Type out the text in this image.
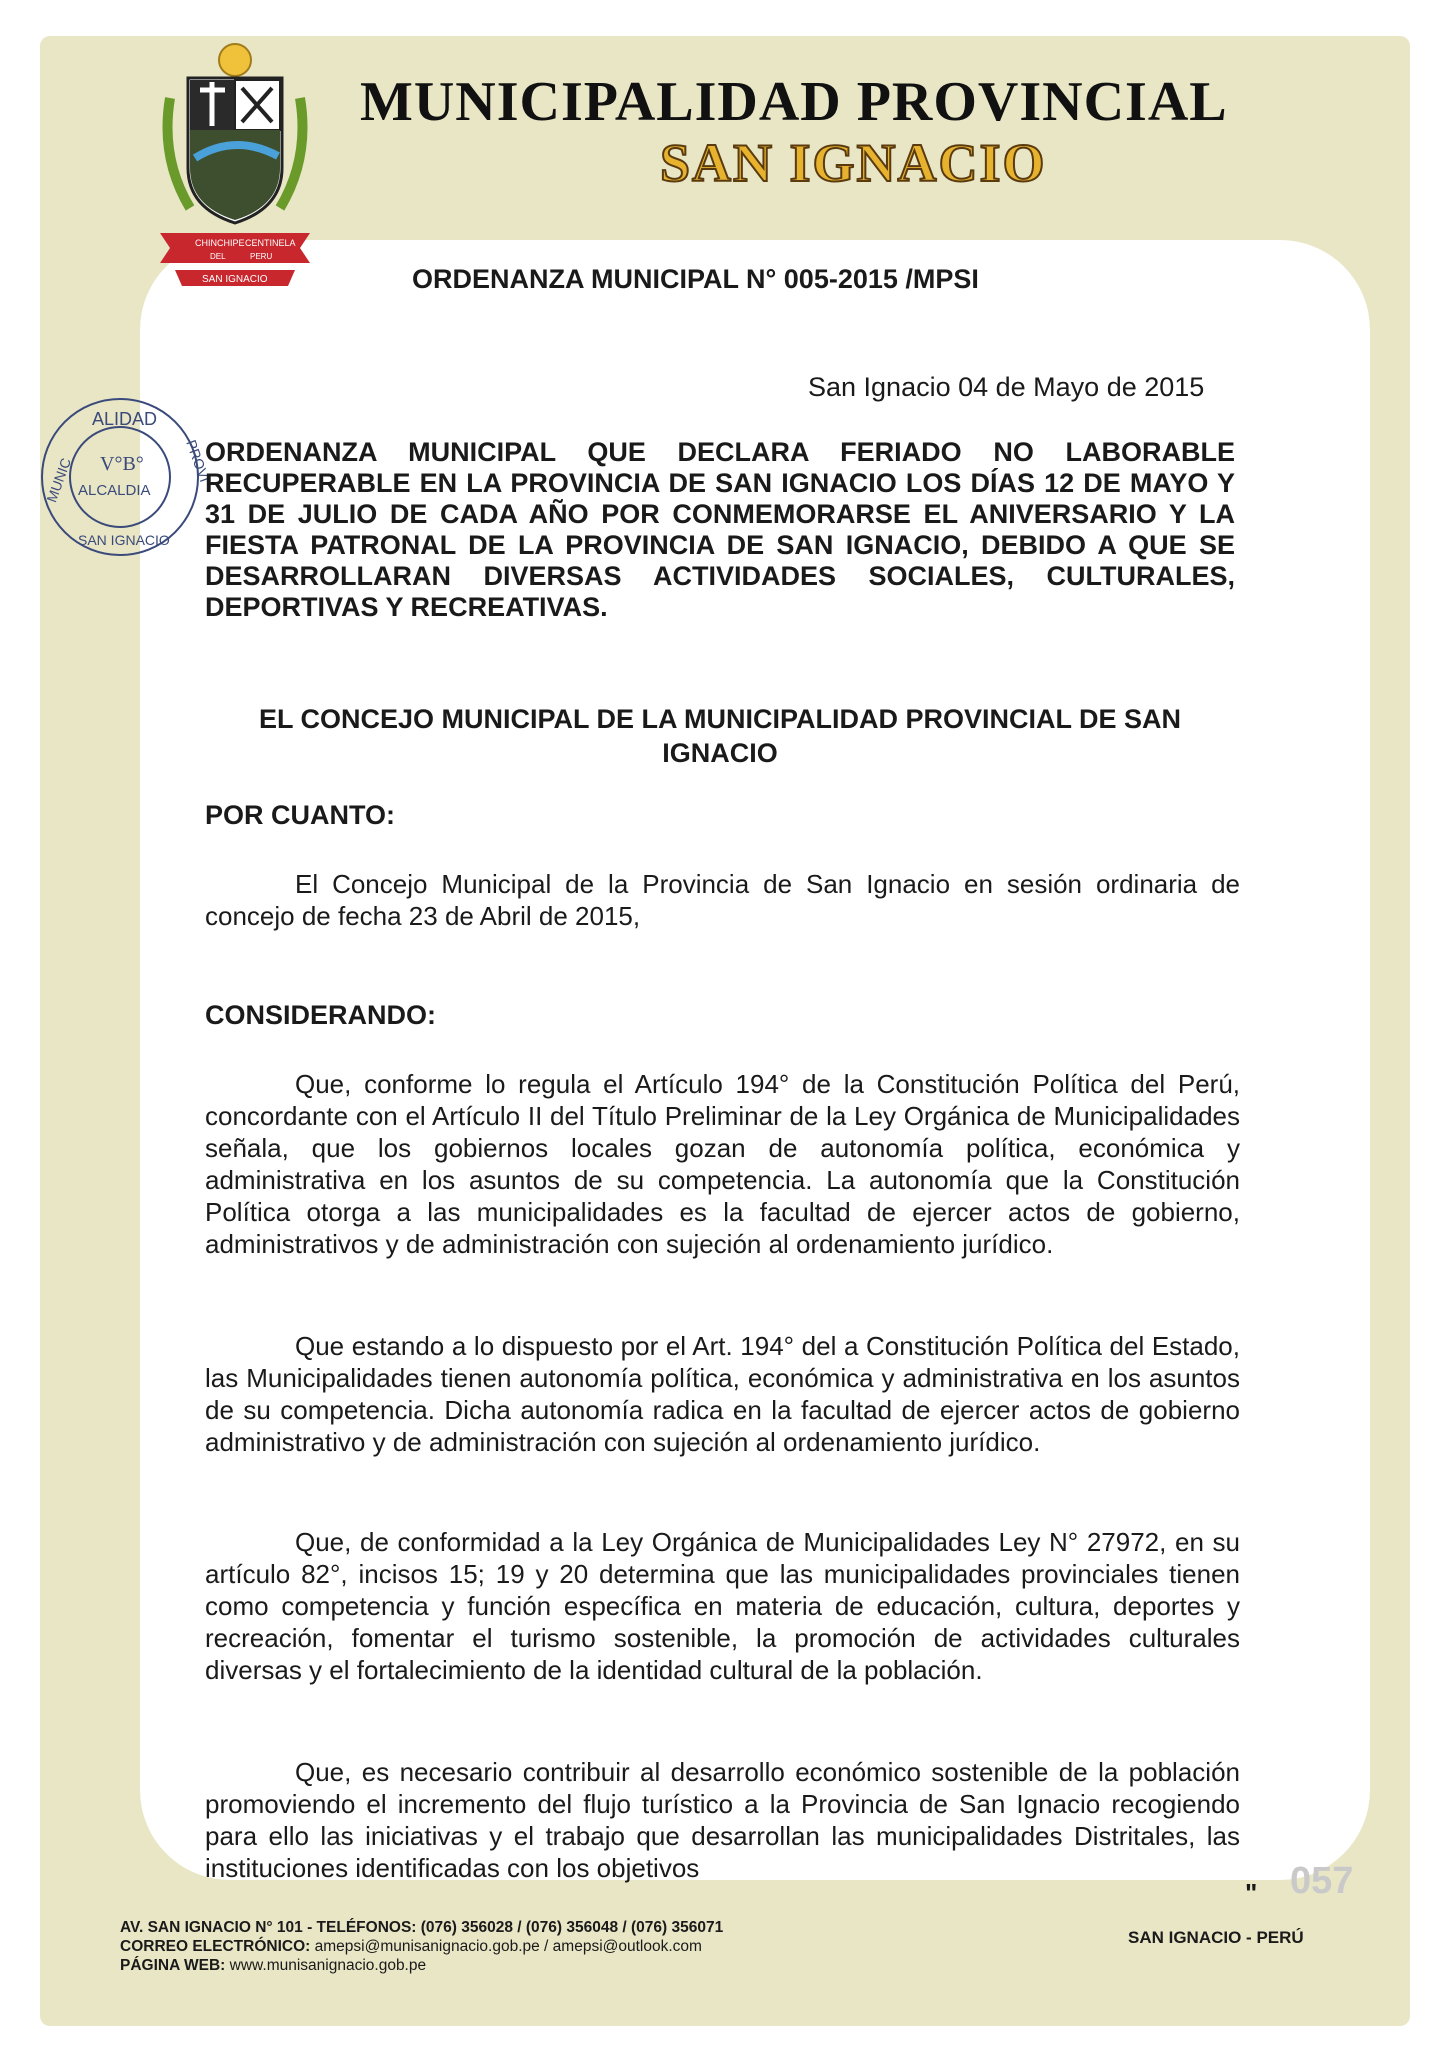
CHINCHIPE CENTINELA
DEL	PERU
SAN IGNACIO
MUNICIPALIDAD PROVINCIAL
SAN IGNACIO
ORDENANZA MUNICIPAL N° 005-2015 /MPSI
San Ignacio 04 de Mayo de 2015
ALIDAD
MUNIC	PROVI
SAN IGNACIO
V°B°
ALCALDIA
ORDENANZA MUNICIPAL QUE DECLARA FERIADO NO LABORABLE RECUPERABLE EN LA PROVINCIA DE SAN IGNACIO LOS DÍAS 12 DE MAYO Y 31 DE JULIO DE CADA AÑO POR CONMEMORARSE EL ANIVERSARIO Y LA FIESTA PATRONAL DE LA PROVINCIA DE SAN IGNACIO, DEBIDO A QUE SE DESARROLLARAN DIVERSAS ACTIVIDADES SOCIALES, CULTURALES, DEPORTIVAS Y RECREATIVAS.
EL CONCEJO MUNICIPAL DE LA MUNICIPALIDAD PROVINCIAL DE SAN
IGNACIO
POR CUANTO:
El Concejo Municipal de la Provincia de San Ignacio en sesión ordinaria de concejo de fecha 23 de Abril de 2015,
CONSIDERANDO:
Que, conforme lo regula el Artículo 194° de la Constitución Política del Perú, concordante con el Artículo II del Título Preliminar de la Ley Orgánica de Municipalidades señala, que los gobiernos locales gozan de autonomía política, económica y administrativa en los asuntos de su competencia. La autonomía que la Constitución Política otorga a las municipalidades es la facultad de ejercer actos de gobierno, administrativos y de administración con sujeción al ordenamiento jurídico.
Que estando a lo dispuesto por el Art. 194° del a Constitución Política del Estado, las Municipalidades tienen autonomía política, económica y administrativa en los asuntos de su competencia. Dicha autonomía radica en la facultad de ejercer actos de gobierno administrativo y de administración con sujeción al ordenamiento jurídico.
Que, de conformidad a la Ley Orgánica de Municipalidades Ley N° 27972, en su artículo 82°, incisos 15; 19 y 20 determina que las municipalidades provinciales tienen como competencia y función específica en materia de educación, cultura, deportes y recreación, fomentar el turismo sostenible, la promoción de actividades culturales diversas y el fortalecimiento de la identidad cultural de la población.
Que, es necesario contribuir al desarrollo económico sostenible de la población promoviendo el incremento del flujo turístico a la Provincia de San Ignacio recogiendo para ello las iniciativas y el trabajo que desarrollan las municipalidades Distritales, las instituciones identificadas con los objetivos
" 057
AV. SAN IGNACIO N° 101 - TELÉFONOS: (076) 356028 / (076) 356048 / (076) 356071
CORREO ELECTRÓNICO: amepsi@munisanignacio.gob.pe / amepsi@outlook.com
PÁGINA WEB: www.munisanignacio.gob.pe
SAN IGNACIO - PERÚ
